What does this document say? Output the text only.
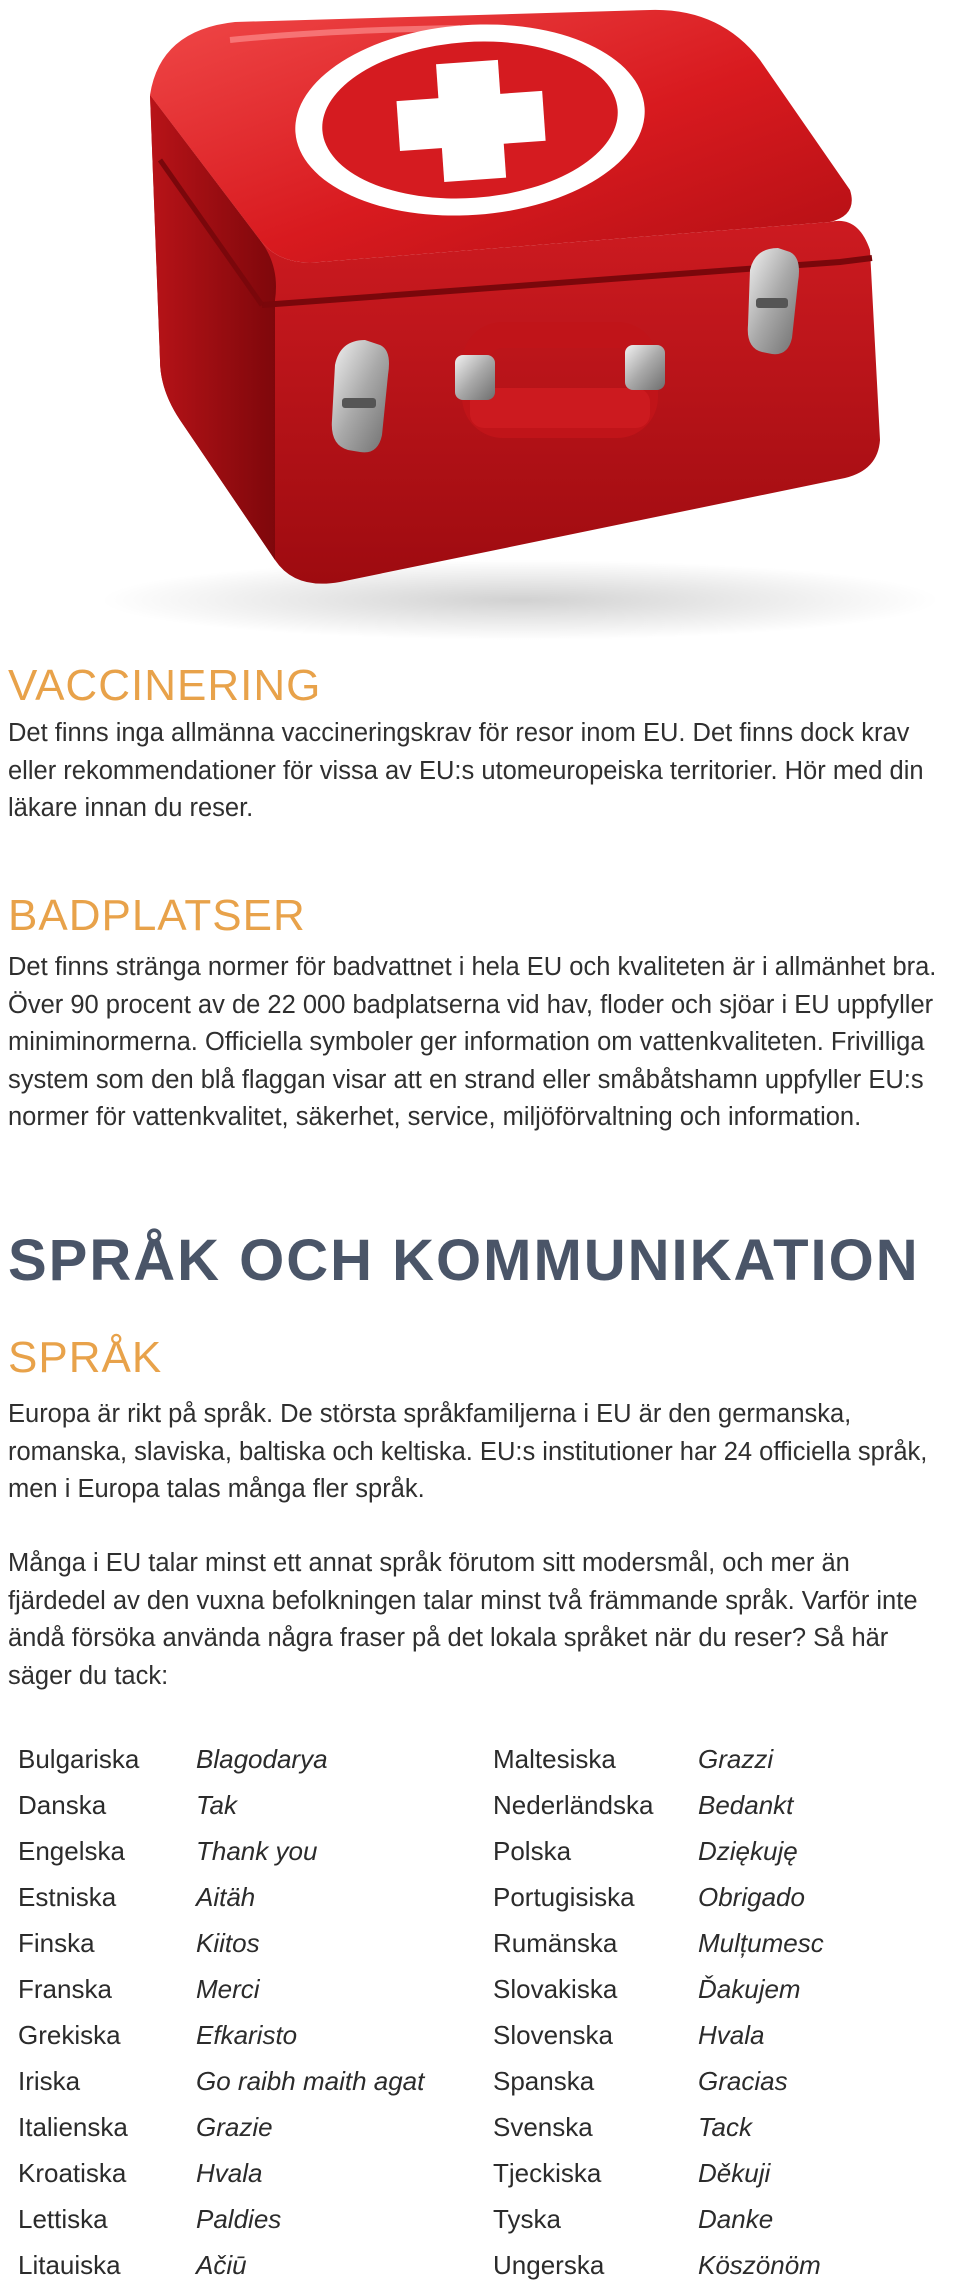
VACCINERING

Det finns inga allmänna vaccineringskrav för resor inom EU. Det finns dock krav eller rekommendationer för vissa av EU:s utomeuropeiska territorier. Hör med din läkare innan du reser.

BADPLATSER

Det finns stränga normer för badvattnet i hela EU och kvaliteten är i allmänhet bra. Över 90 procent av de 22 000 badplatserna vid hav, floder och sjöar i EU uppfyller miniminormerna. Officiella symboler ger information om vattenkvaliteten. Frivilliga system som den blå flaggan visar att en strand eller småbåtshamn uppfyller EU:s normer för vattenkvalitet, säkerhet, service, miljöförvaltning och information.

SPRÅK OCH KOMMUNIKATION
SPRÅK

Europa är rikt på språk. De största språkfamiljerna i EU är den germanska, romanska, slaviska, baltiska och keltiska. EU:s institutioner har 24 officiella språk, men i Europa talas många fler språk.

Många i EU talar minst ett annat språk förutom sitt modersmål, och mer än fjärdedel av den vuxna befolkningen talar minst två främmande språk. Varför inte ändå försöka använda några fraser på det lokala språket när du reser? Så här säger du tack:

Bulgariska Blagodarya	Maltesiska	Grazzi
Danska	Tak	Nederländska Bedankt
Engelska	Thank you	Polska	Dziękuję
Estniska	Aitäh	Portugisiska Obrigado
Finska	Kiitos	Rumänska	Mulțumesc
Franska	Merci	Slovakiska	Ďakujem
Grekiska	Efkaristo	Slovenska	Hvala
Iriska	Go raibh maith agat	Spanska	Gracias
Italienska	Grazie	Svenska	Tack
Kroatiska	Hvala	Tjeckiska	Děkuji
Lettiska	Paldies	Tyska	Danke
Litauiska	Ačiū	Ungerska	Köszönöm
